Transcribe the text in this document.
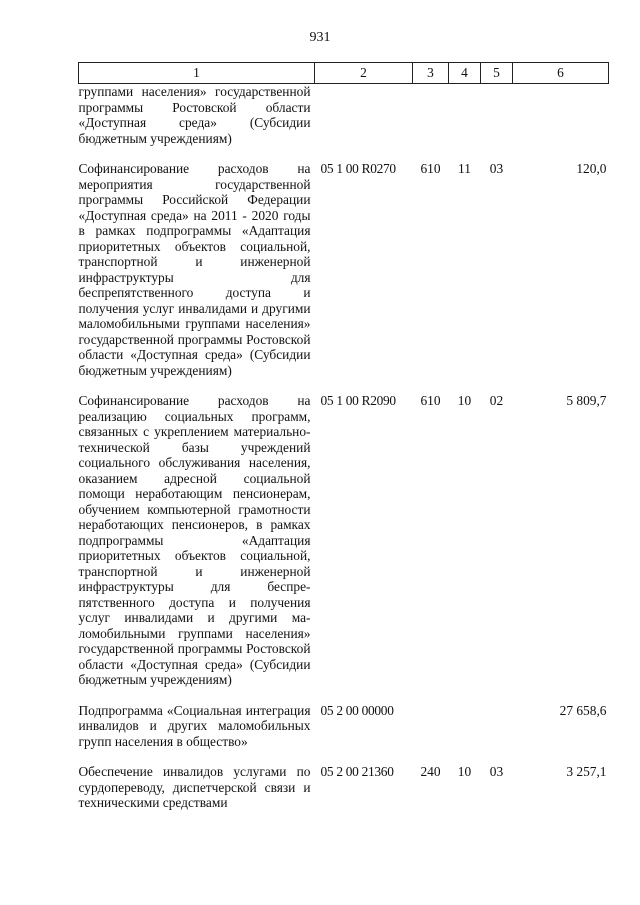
931
1	2	3	4	5	6
группами населения» государственной программы Ростовской области «Доступная среда» (Субсидии бюджетным учреждениям)					

Софинансирование расходов на мероприятия государственной программы Российской Федерации «Доступная среда» на 2011 - 2020 годы в рамках подпрограммы «Адаптация приоритетных объектов социальной, транспортной и инженерной инфраструктуры для беспрепятственного доступа и получения услуг инвалидами и другими маломобильными группами населения» государственной программы Ростовской области «Доступная среда» (Субсидии бюджетным учреждениям)	05 1 00 R0270	610	11	03	120,0

Софинансирование расходов на реализацию социальных программ, связанных с укреплением материально-технической базы учреждений социального обслуживания населения, оказанием адресной социальной помощи неработающим пенсионерам, обучением компьютерной грамотности неработающих пенсионеров, в рамках подпрограммы «Адаптация приоритетных объектов социальной, транспортной и инженерной инфраструктуры для беспрепятственного доступа и получения услуг инвалидами и другими маломобильными группами населения» государственной программы Ростовской области «Доступная среда» (Субсидии бюджетным учреждениям)	05 1 00 R2090	610	10	02	5 809,7

Подпрограмма «Социальная интеграция инвалидов и других маломобильных групп населения в общество»	05 2 00 00000				27 658,6

Обеспечение инвалидов услугами по сурдопереводу, диспетчерской связи и техническими средствами	05 2 00 21360	240	10	03	3 257,1
